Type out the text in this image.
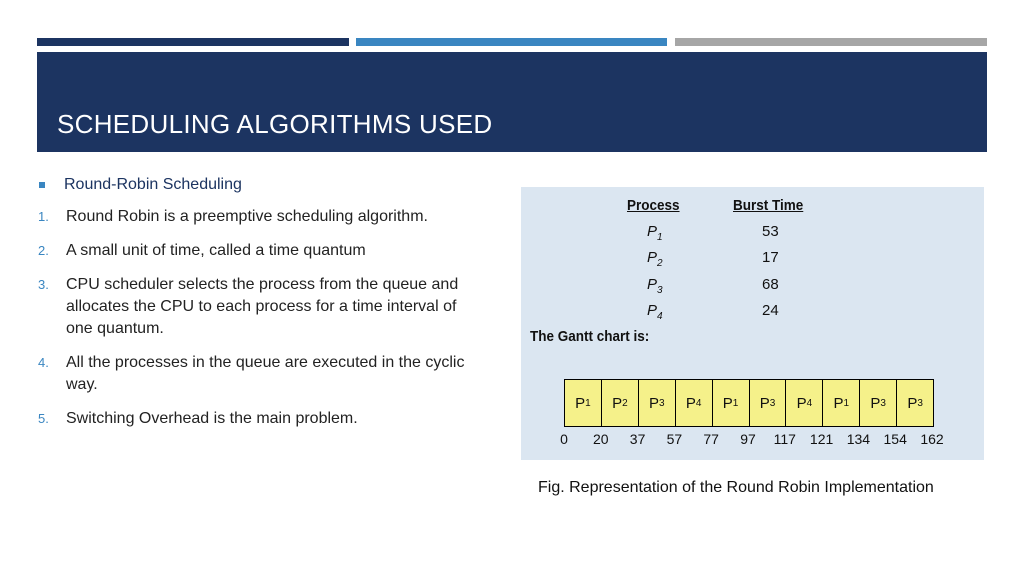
SCHEDULING ALGORITHMS USED
Round-Robin Scheduling
1.	Round Robin is a preemptive scheduling algorithm.
2.	A small unit of time, called a time quantum
3.	CPU scheduler selects the process from the queue and allocates the CPU to each process for a time interval of one quantum.
4.	All the processes in the queue are executed in the cyclic way.
5.	Switching Overhead is the main problem.
Process	Burst Time
$P_1$	53
$P_2$	17
$P_3$	68
$P_4$	24
The Gantt chart is:
P 1 P 2 P 3 P 4 P 1 P 3 P 4 P 1 P 3 P 3
0 20 37 57 77 97 117 121 134 154 162
Fig. Representation of the Round Robin Implementation
